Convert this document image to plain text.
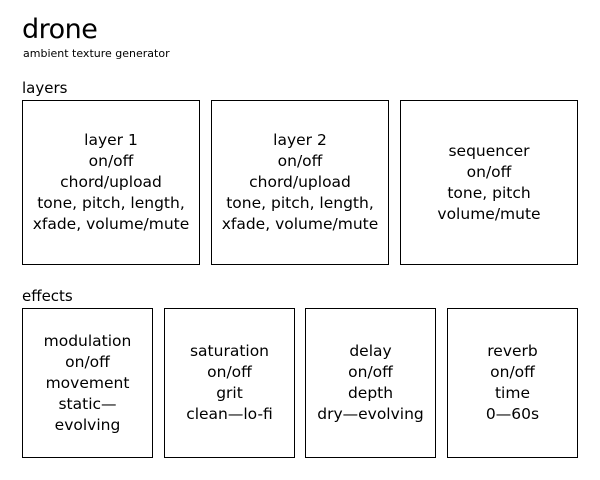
drone
ambient texture generator
layers
layer 1
on/off
chord/upload
tone, pitch, length,
xfade, volume/mute
layer 2
on/off
chord/upload
tone, pitch, length,
xfade, volume/mute
sequencer
on/off
tone, pitch
volume/mute
effects
modulation
on/off
movement
static—
evolving
saturation
on/off
grit
clean—lo-fi
delay
on/off
depth
dry—evolving
reverb
on/off
time
0—60s
